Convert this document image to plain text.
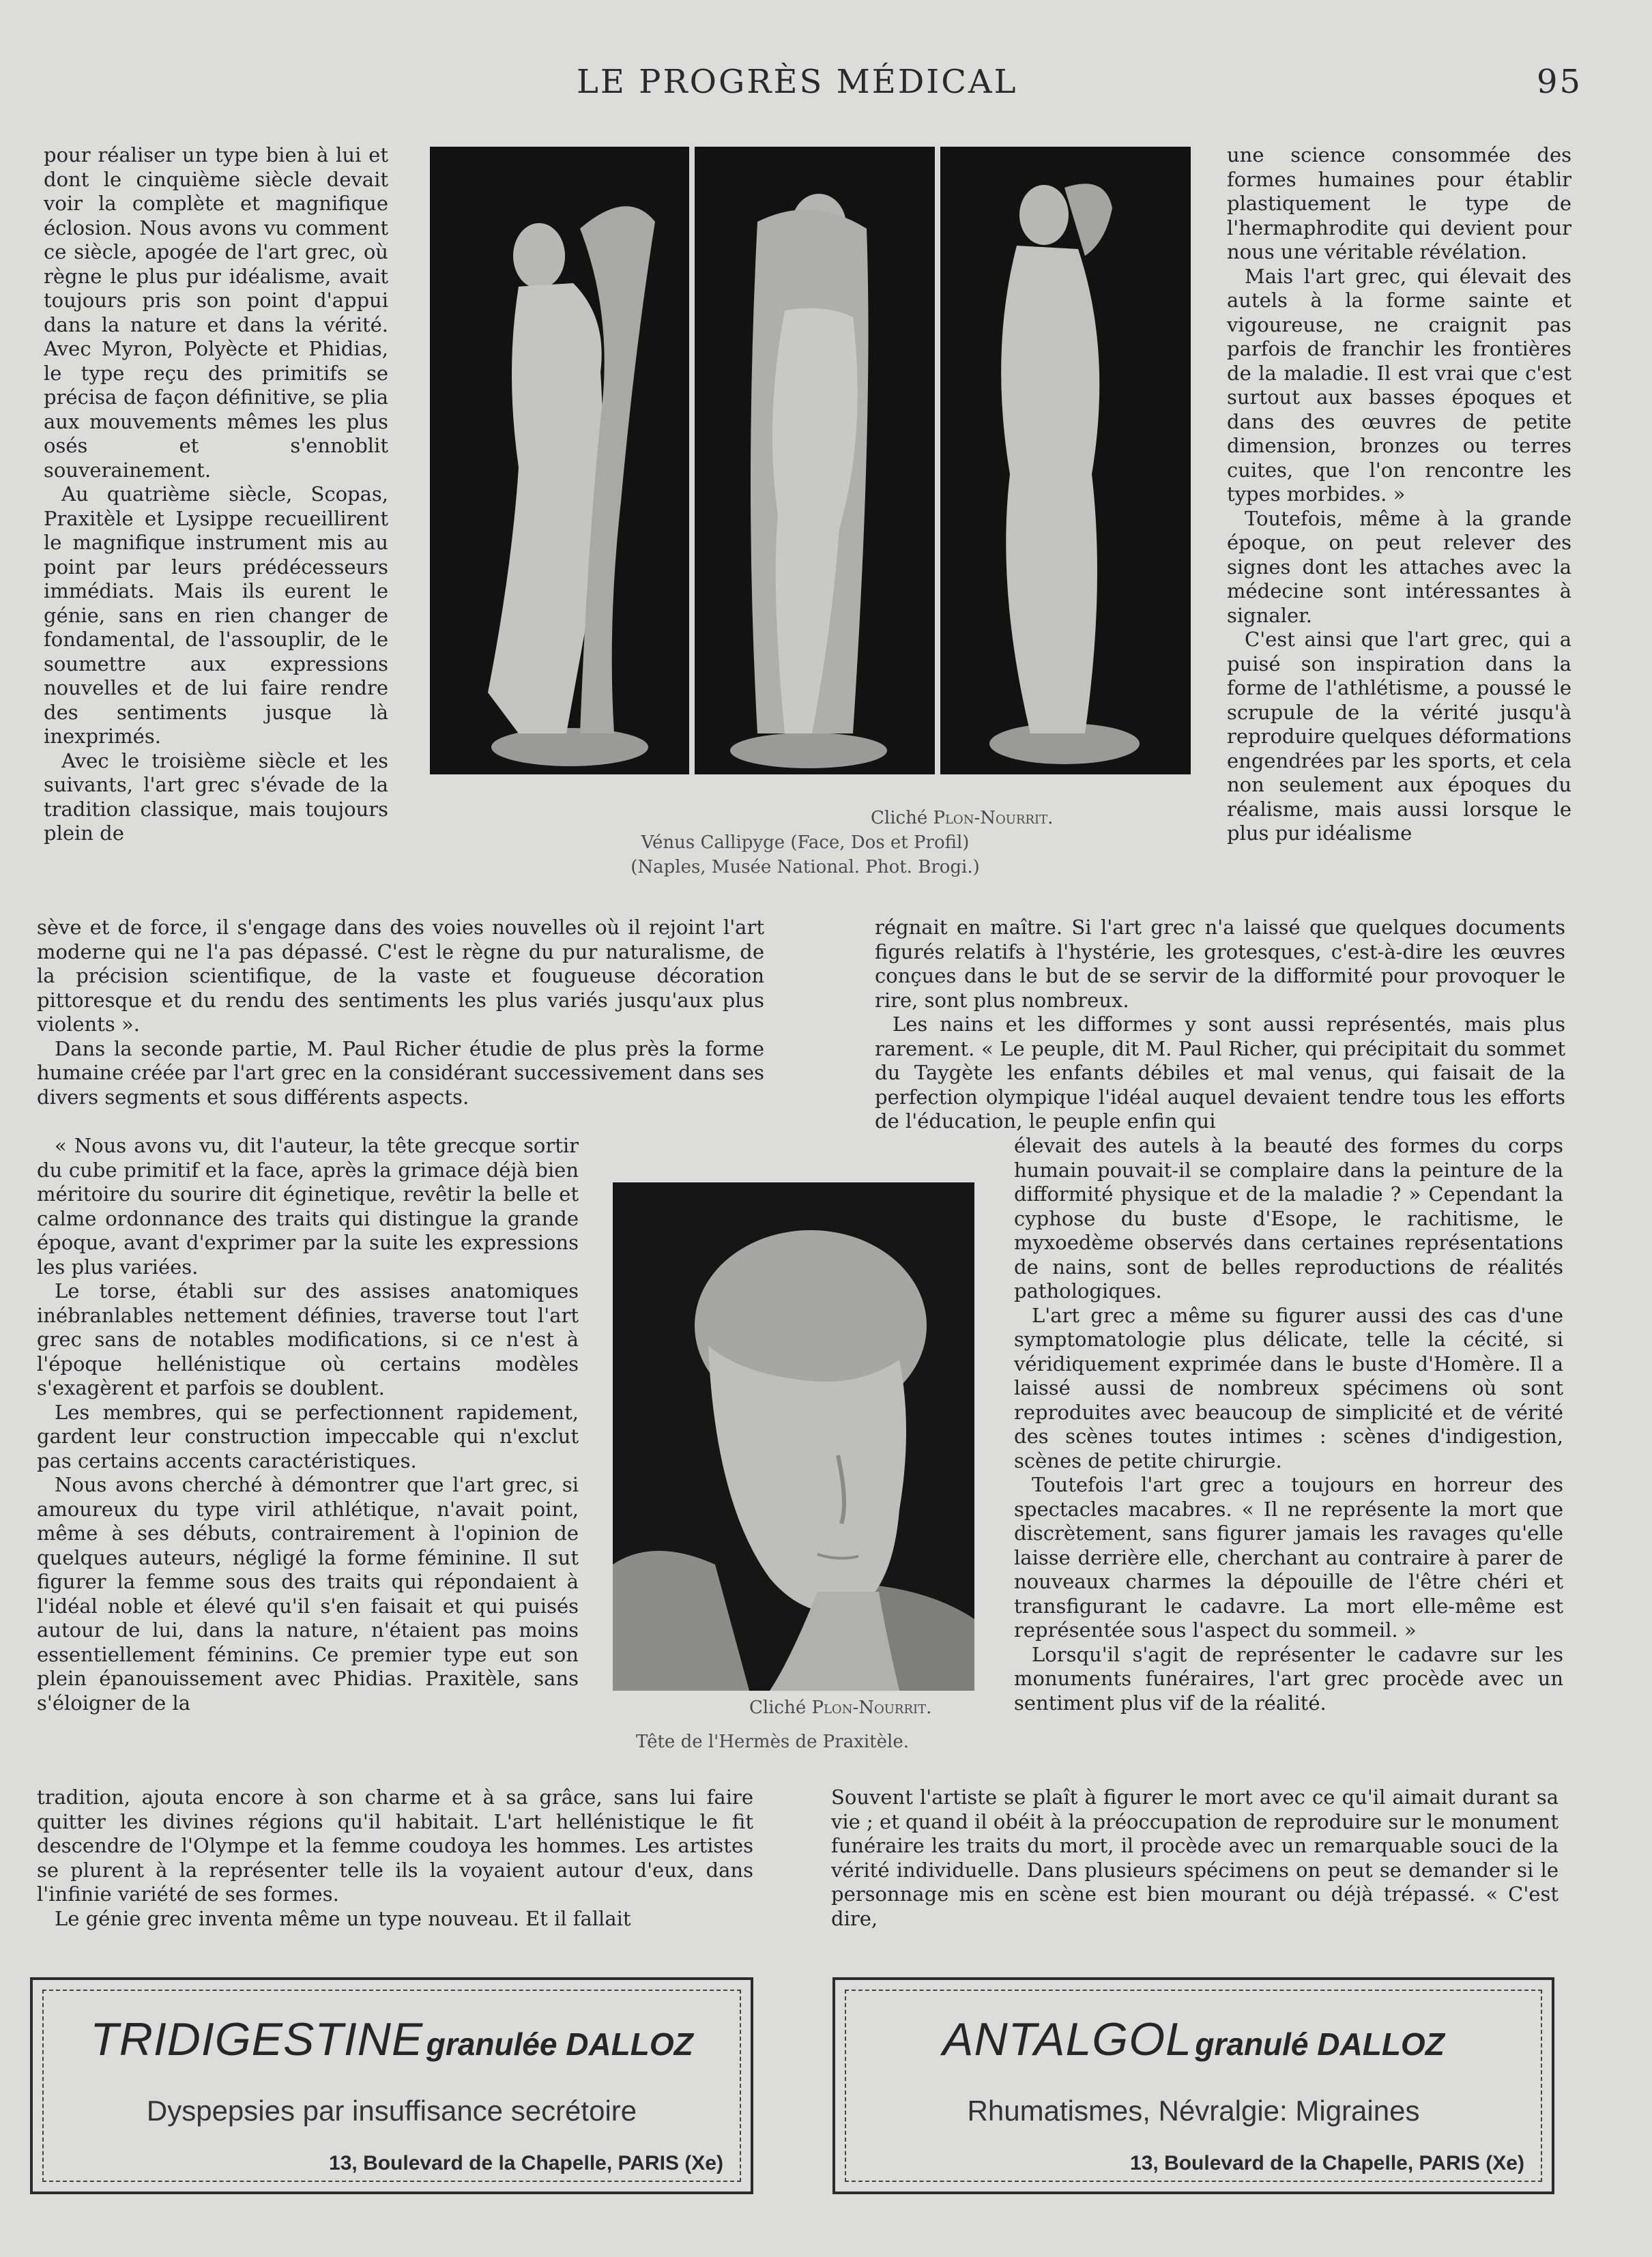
LE PROGRÈS MÉDICAL	95

pour réaliser un type bien à lui et dont le cinquième siècle devait voir la complète et magnifique éclosion. Nous avons vu comment ce siècle, apogée de l'art grec, où règne le plus pur idéalisme, avait toujours pris son point d'appui dans la nature et dans la vérité. Avec Myron, Polyècte et Phidias, le type reçu des primitifs se précisa de façon définitive, se plia aux mouvements mêmes les plus osés et s'ennoblit souverainement.

Au quatrième siècle, Scopas, Praxitèle et Lysippe recueillirent le magnifique instrument mis au point par leurs prédécesseurs immédiats. Mais ils eurent le génie, sans en rien changer de fondamental, de l'assouplir, de le soumettre aux expressions nouvelles et de lui faire rendre des sentiments jusque là inexprimés.

Avec le troisième siècle et les suivants, l'art grec s'évade de la tradition classique, mais toujours plein de

une science consommée des formes humaines pour établir plastiquement le type de l'hermaphrodite qui devient pour nous une véritable révélation.

Mais l'art grec, qui élevait des autels à la forme sainte et vigoureuse, ne craignit pas parfois de franchir les frontières de la maladie. Il est vrai que c'est surtout aux basses époques et dans des œuvres de petite dimension, bronzes ou terres cuites, que l'on rencontre les types morbides. »

Toutefois, même à la grande époque, on peut relever des signes dont les attaches avec la médecine sont intéressantes à signaler.

C'est ainsi que l'art grec, qui a puisé son inspiration dans la forme de l'athlétisme, a poussé le scrupule de la vérité jusqu'à reproduire quelques déformations engendrées par les sports, et cela non seulement aux époques du réalisme, mais aussi lorsque le plus pur idéalisme

Cliché Plon-Nourrit.
Vénus Callipyge (Face, Dos et Profil)
(Naples, Musée National. Phot. Brogi.)

sève et de force, il s'engage dans des voies nouvelles où il rejoint l'art moderne qui ne l'a pas dépassé. C'est le règne du pur naturalisme, de la précision scientifique, de la vaste et fougueuse décoration pittoresque et du rendu des sentiments les plus variés jusqu'aux plus violents ».

Dans la seconde partie, M. Paul Richer étudie de plus près la forme humaine créée par l'art grec en la considérant successivement dans ses divers segments et sous différents aspects.

régnait en maître. Si l'art grec n'a laissé que quelques documents figurés relatifs à l'hystérie, les grotesques, c'est-à-dire les œuvres conçues dans le but de se servir de la difformité pour provoquer le rire, sont plus nombreux.

Les nains et les difformes y sont aussi représentés, mais plus rarement. « Le peuple, dit M. Paul Richer, qui précipitait du sommet du Taygète les enfants débiles et mal venus, qui faisait de la perfection olympique l'idéal auquel devaient tendre tous les efforts de l'éducation, le peuple enfin qui

« Nous avons vu, dit l'auteur, la tête grecque sortir du cube primitif et la face, après la grimace déjà bien méritoire du sourire dit éginetique, revêtir la belle et calme ordonnance des traits qui distingue la grande époque, avant d'exprimer par la suite les expressions les plus variées.

Le torse, établi sur des assises anatomiques inébranlables nettement définies, traverse tout l'art grec sans de notables modifications, si ce n'est à l'époque hellénistique où certains modèles s'exagèrent et parfois se doublent.

Les membres, qui se perfectionnent rapidement, gardent leur construction impeccable qui n'exclut pas certains accents caractéristiques.

Nous avons cherché à démontrer que l'art grec, si amoureux du type viril athlétique, n'avait point, même à ses débuts, contrairement à l'opinion de quelques auteurs, négligé la forme féminine. Il sut figurer la femme sous des traits qui répondaient à l'idéal noble et élevé qu'il s'en faisait et qui puisés autour de lui, dans la nature, n'étaient pas moins essentiellement féminins. Ce premier type eut son plein épanouissement avec Phidias. Praxitèle, sans s'éloigner de la	Cliché Plon-Nourrit.
Tête de l'Hermès de Praxitèle.

élevait des autels à la beauté des formes du corps humain pouvait-il se complaire dans la peinture de la difformité physique et de la maladie ? » Cependant la cyphose du buste d'Esope, le rachitisme, le myxoedème observés dans certaines représentations de nains, sont de belles reproductions de réalités pathologiques.

L'art grec a même su figurer aussi des cas d'une symptomatologie plus délicate, telle la cécité, si véridiquement exprimée dans le buste d'Homère. Il a laissé aussi de nombreux spécimens où sont reproduites avec beaucoup de simplicité et de vérité des scènes toutes intimes : scènes d'indigestion, scènes de petite chirurgie.

Toutefois l'art grec a toujours en horreur des spectacles macabres. « Il ne représente la mort que discrètement, sans figurer jamais les ravages qu'elle laisse derrière elle, cherchant au contraire à parer de nouveaux charmes la dépouille de l'être chéri et transfigurant le cadavre. La mort elle-même est représentée sous l'aspect du sommeil. »

Lorsqu'il s'agit de représenter le cadavre sur les monuments funéraires, l'art grec procède avec un sentiment plus vif de la réalité.

tradition, ajouta encore à son charme et à sa grâce, sans lui faire quitter les divines régions qu'il habitait. L'art hellénistique le fit descendre de l'Olympe et la femme coudoya les hommes. Les artistes se plurent à la représenter telle ils la voyaient autour d'eux, dans l'infinie variété de ses formes.

Le génie grec inventa même un type nouveau. Et il fallait

Souvent l'artiste se plaît à figurer le mort avec ce qu'il aimait durant sa vie ; et quand il obéit à la préoccupation de reproduire sur le monument funéraire les traits du mort, il procède avec un remarquable souci de la vérité individuelle. Dans plusieurs spécimens on peut se demander si le personnage mis en scène est bien mourant ou déjà trépassé. « C'est dire,

TRIDIGESTINE granulée DALLOZ
Dyspepsies par insuffisance secrétoire
13, Boulevard de la Chapelle, PARIS (Xe)
ANTALGOL granulé DALLOZ
Rhumatismes, Névralgie: Migraines
13, Boulevard de la Chapelle, PARIS (Xe)
